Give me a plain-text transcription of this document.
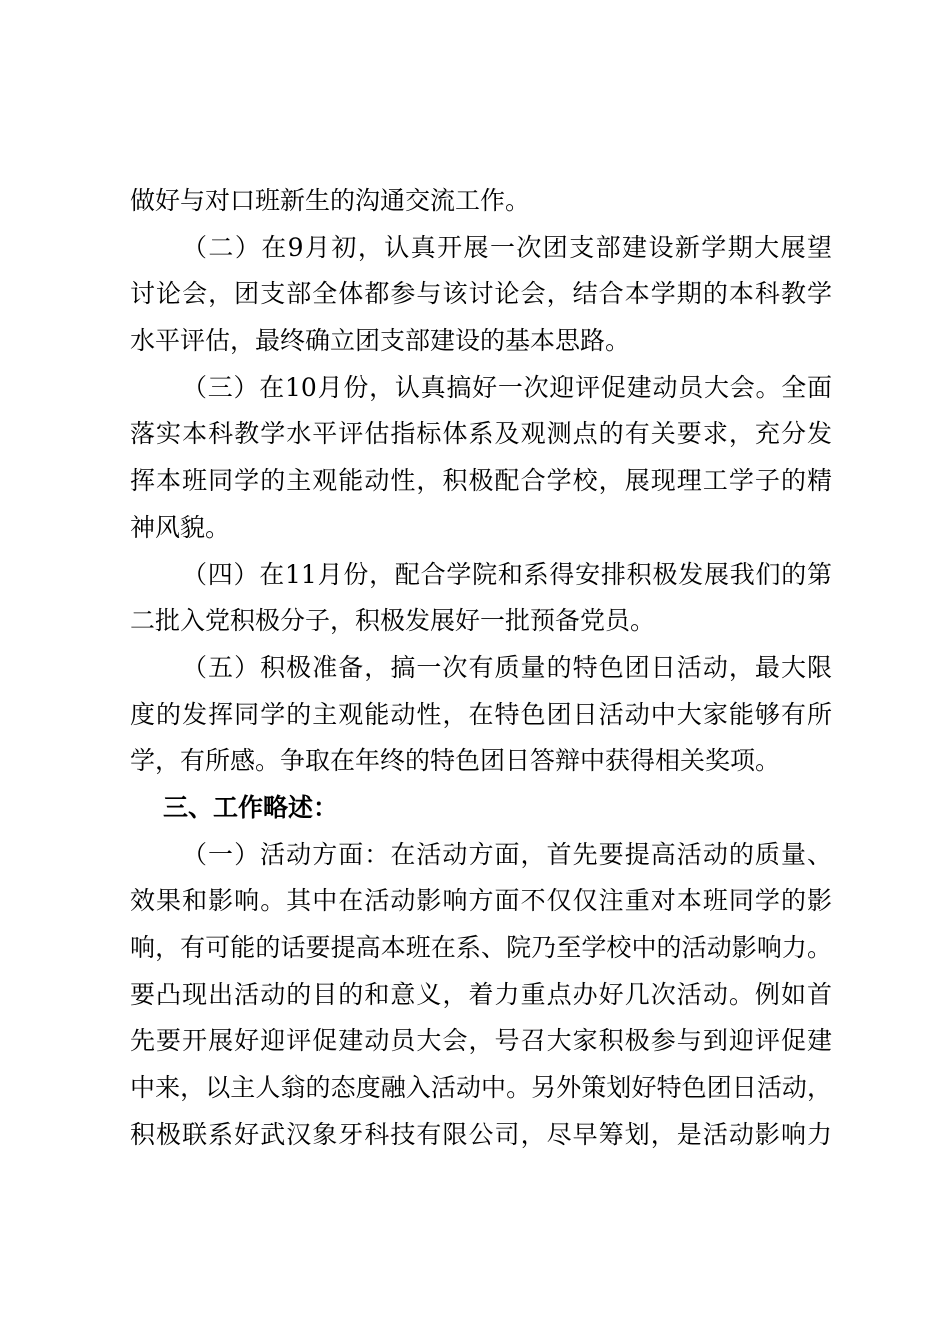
做好与对口班新生的沟通交流工作。
（二）在9月初，认真开展一次团支部建设新学期大展望
讨论会，团支部全体都参与该讨论会，结合本学期的本科教学
水平评估，最终确立团支部建设的基本思路。
（三）在10月份，认真搞好一次迎评促建动员大会。全面
落实本科教学水平评估指标体系及观测点的有关要求，充分发
挥本班同学的主观能动性，积极配合学校，展现理工学子的精
神风貌。
（四）在11月份，配合学院和系得安排积极发展我们的第
二批入党积极分子，积极发展好一批预备党员。
（五）积极准备，搞一次有质量的特色团日活动，最大限
度的发挥同学的主观能动性，在特色团日活动中大家能够有所
学，有所感。争取在年终的特色团日答辩中获得相关奖项。
三、工作略述：
（一）活动方面：在活动方面，首先要提高活动的质量、
效果和影响。其中在活动影响方面不仅仅注重对本班同学的影
响，有可能的话要提高本班在系、院乃至学校中的活动影响力。
要凸现出活动的目的和意义，着力重点办好几次活动。例如首
先要开展好迎评促建动员大会，号召大家积极参与到迎评促建
中来，以主人翁的态度融入活动中。另外策划好特色团日活动，
积极联系好武汉象牙科技有限公司，尽早筹划，是活动影响力
